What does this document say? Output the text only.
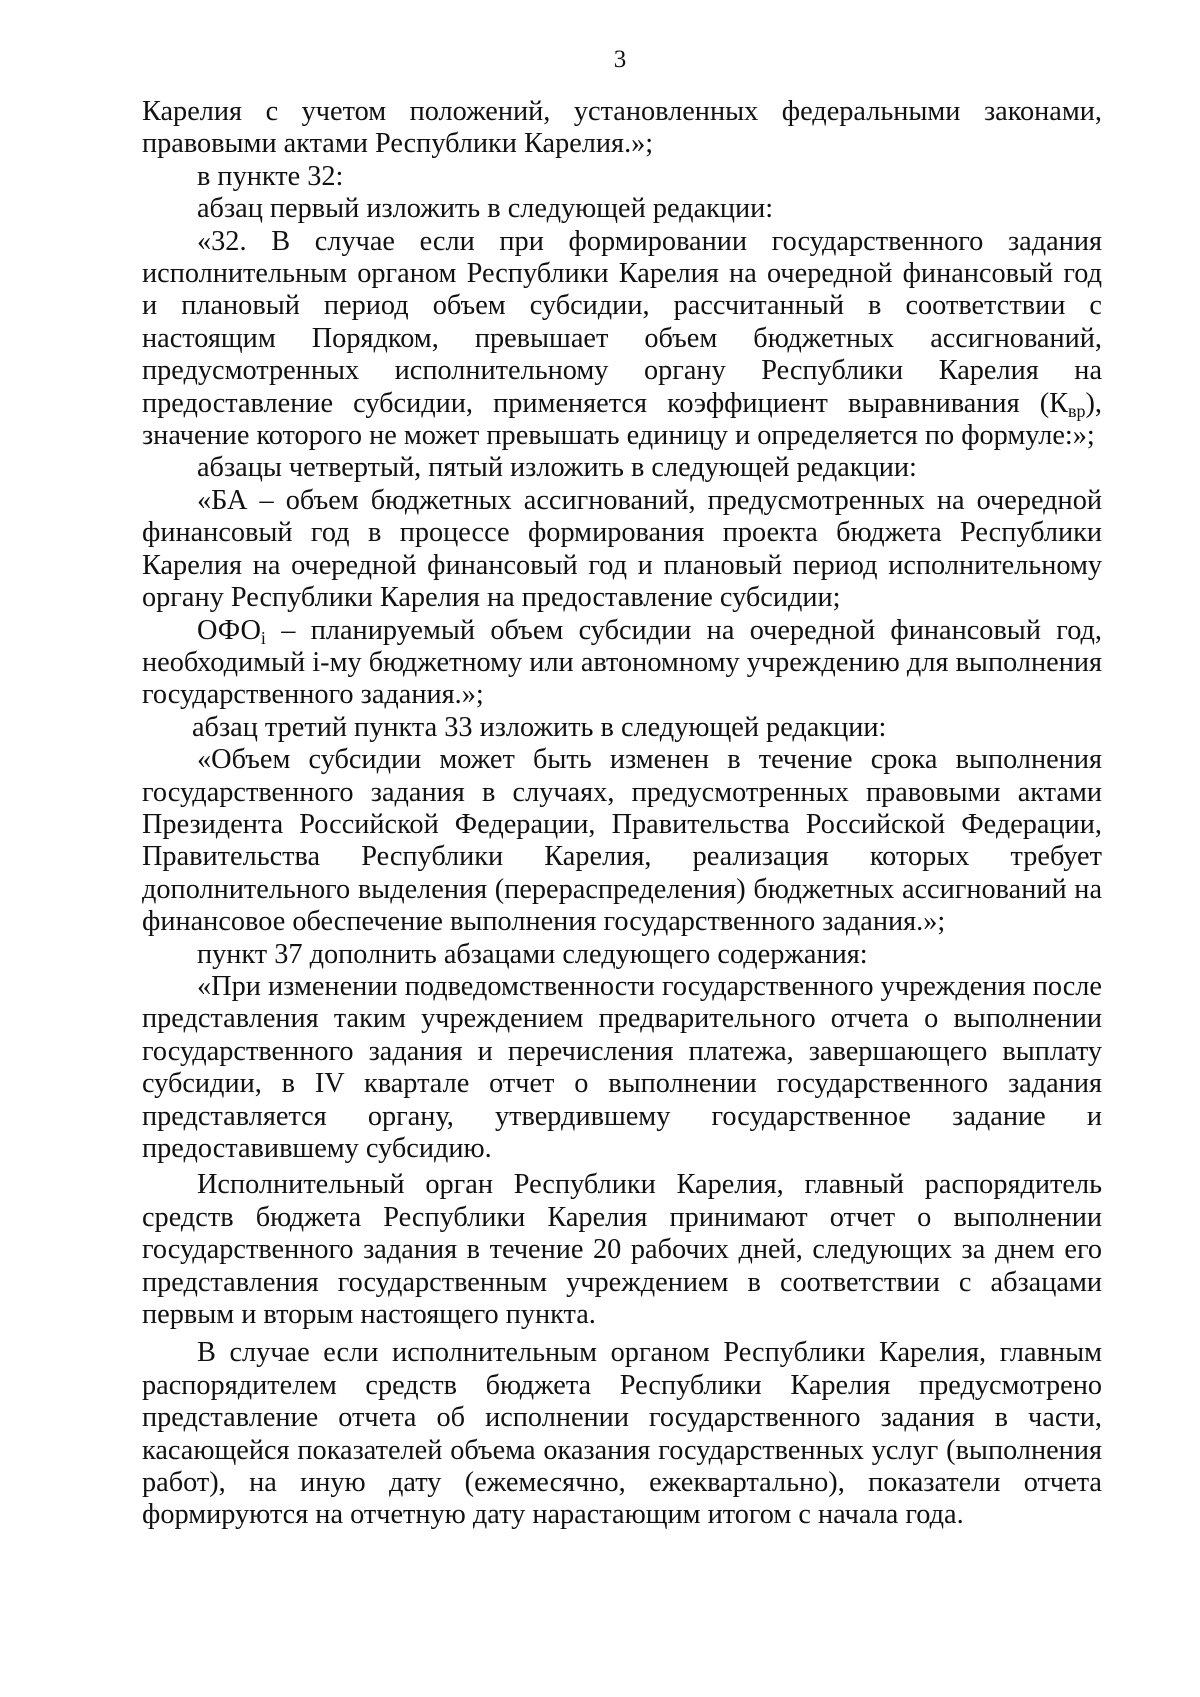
3

Карелия с учетом положений, установленных федеральными законами, правовыми актами Республики Карелия.»;

в пункте 32:

абзац первый изложить в следующей редакции:

«32. В случае если при формировании государственного задания исполнительным органом Республики Карелия на очередной финансовый год и плановый период объем субсидии, рассчитанный в соответствии с настоящим Порядком, превышает объем бюджетных ассигнований, предусмотренных исполнительному органу Республики Карелия на предоставление субсидии, применяется коэффициент выравнивания $(К_{вр})$, значение которого не может превышать единицу и определяется по формуле:»;

абзацы четвертый, пятый изложить в следующей редакции:

«БА – объем бюджетных ассигнований, предусмотренных на очередной финансовый год в процессе формирования проекта бюджета Республики Карелия на очередной финансовый год и плановый период исполнительному органу Республики Карелия на предоставление субсидии;

$ОФО_i$ – планируемый объем субсидии на очередной финансовый год, необходимый i-му бюджетному или автономному учреждению для выполнения государственного задания.»;

абзац третий пункта 33 изложить в следующей редакции:

«Объем субсидии может быть изменен в течение срока выполнения государственного задания в случаях, предусмотренных правовыми актами Президента Российской Федерации, Правительства Российской Федерации, Правительства Республики Карелия, реализация которых требует дополнительного выделения (перераспределения) бюджетных ассигнований на финансовое обеспечение выполнения государственного задания.»;

пункт 37 дополнить абзацами следующего содержания:

«При изменении подведомственности государственного учреждения после представления таким учреждением предварительного отчета о выполнении государственного задания и перечисления платежа, завершающего выплату субсидии, в IV квартале отчет о выполнении государственного задания представляется органу, утвердившему государственное задание и предоставившему субсидию.

Исполнительный орган Республики Карелия, главный распорядитель средств бюджета Республики Карелия принимают отчет о выполнении государственного задания в течение 20 рабочих дней, следующих за днем его представления государственным учреждением в соответствии с абзацами первым и вторым настоящего пункта.

В случае если исполнительным органом Республики Карелия, главным распорядителем средств бюджета Республики Карелия предусмотрено представление отчета об исполнении государственного задания в части, касающейся показателей объема оказания государственных услуг (выполнения работ), на иную дату (ежемесячно, ежеквартально), показатели отчета формируются на отчетную дату нарастающим итогом с начала года.
